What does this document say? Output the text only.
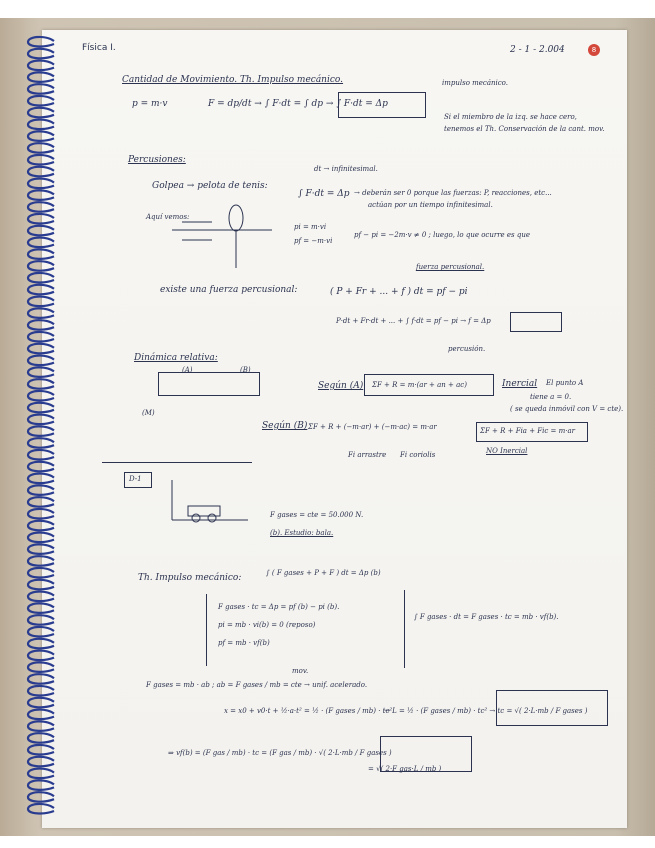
Física I.	2 - 1 - 2.004	8
Cantidad de Movimiento. Th. Impulso mecánico.
p = m·v	F = dp/dt → ∫ F·dt = ∫ dp → ∫ F·dt = Δp
impulso mecánico.
Si el miembro de la izq. se hace cero,
tenemos el Th. Conservación de la cant. mov.
Percusiones:
Golpea → pelota de tenis:
dt → infinitesimal.
∫ F·dt = Δp → deberán ser 0 porque las fuerzas: P, reacciones, etc...
actúan por un tiempo infinitesimal.
Aquí vemos:
pi = m·vi
pf = −m·vi
pf − pi = −2m·v ≠ 0 ; luego, lo que ocurre es que
existe una fuerza percusional:
fuerza percusional.
( P + Fr + ... + f ) dt = pf − pi
P·dt + Fr·dt + ... + ∫ f·dt = pf − pi → f = Δp
percusión.
Dinámica relativa:
(A)	(B)
(M)
Según (A) ΣF + R = m·(ar + an + ac)	Inercial El punto A
tiene a = 0.
( se queda inmóvil con V = cte).
Según (B) ΣF + R + (−m·ar) + (−m·ac) = m·ar
Fi arrastre Fi coriolis
ΣF + R + Fia + Fic = m·ar
NO Inercial
D-1
F gases = cte = 50.000 N.
(b). Estudio: bala.
Th. Impulso mecánico:	∫ ( F gases + P + F ) dt = Δp (b)
F gases · tc = Δp = pf (b) − pi (b).
pi = mb · vi(b) = 0 (reposo)
pf = mb · vf(b)
∫ F gases · dt = F gases · tc = mb · vf(b).
mov.
F gases = mb · ab ; ab = F gases / mb = cte → unif. acelerado.
x = x0 + v0·t + ½·a·t² = ½ · (F gases / mb) · tc²
→ L = ½ · (F gases / mb) · tc² → tc = √( 2·L·mb / F gases )
⇒ vf(b) = (F gas / mb) · tc = (F gas / mb) · √( 2·L·mb / F gases )
= √( 2·F gas·L / mb )
